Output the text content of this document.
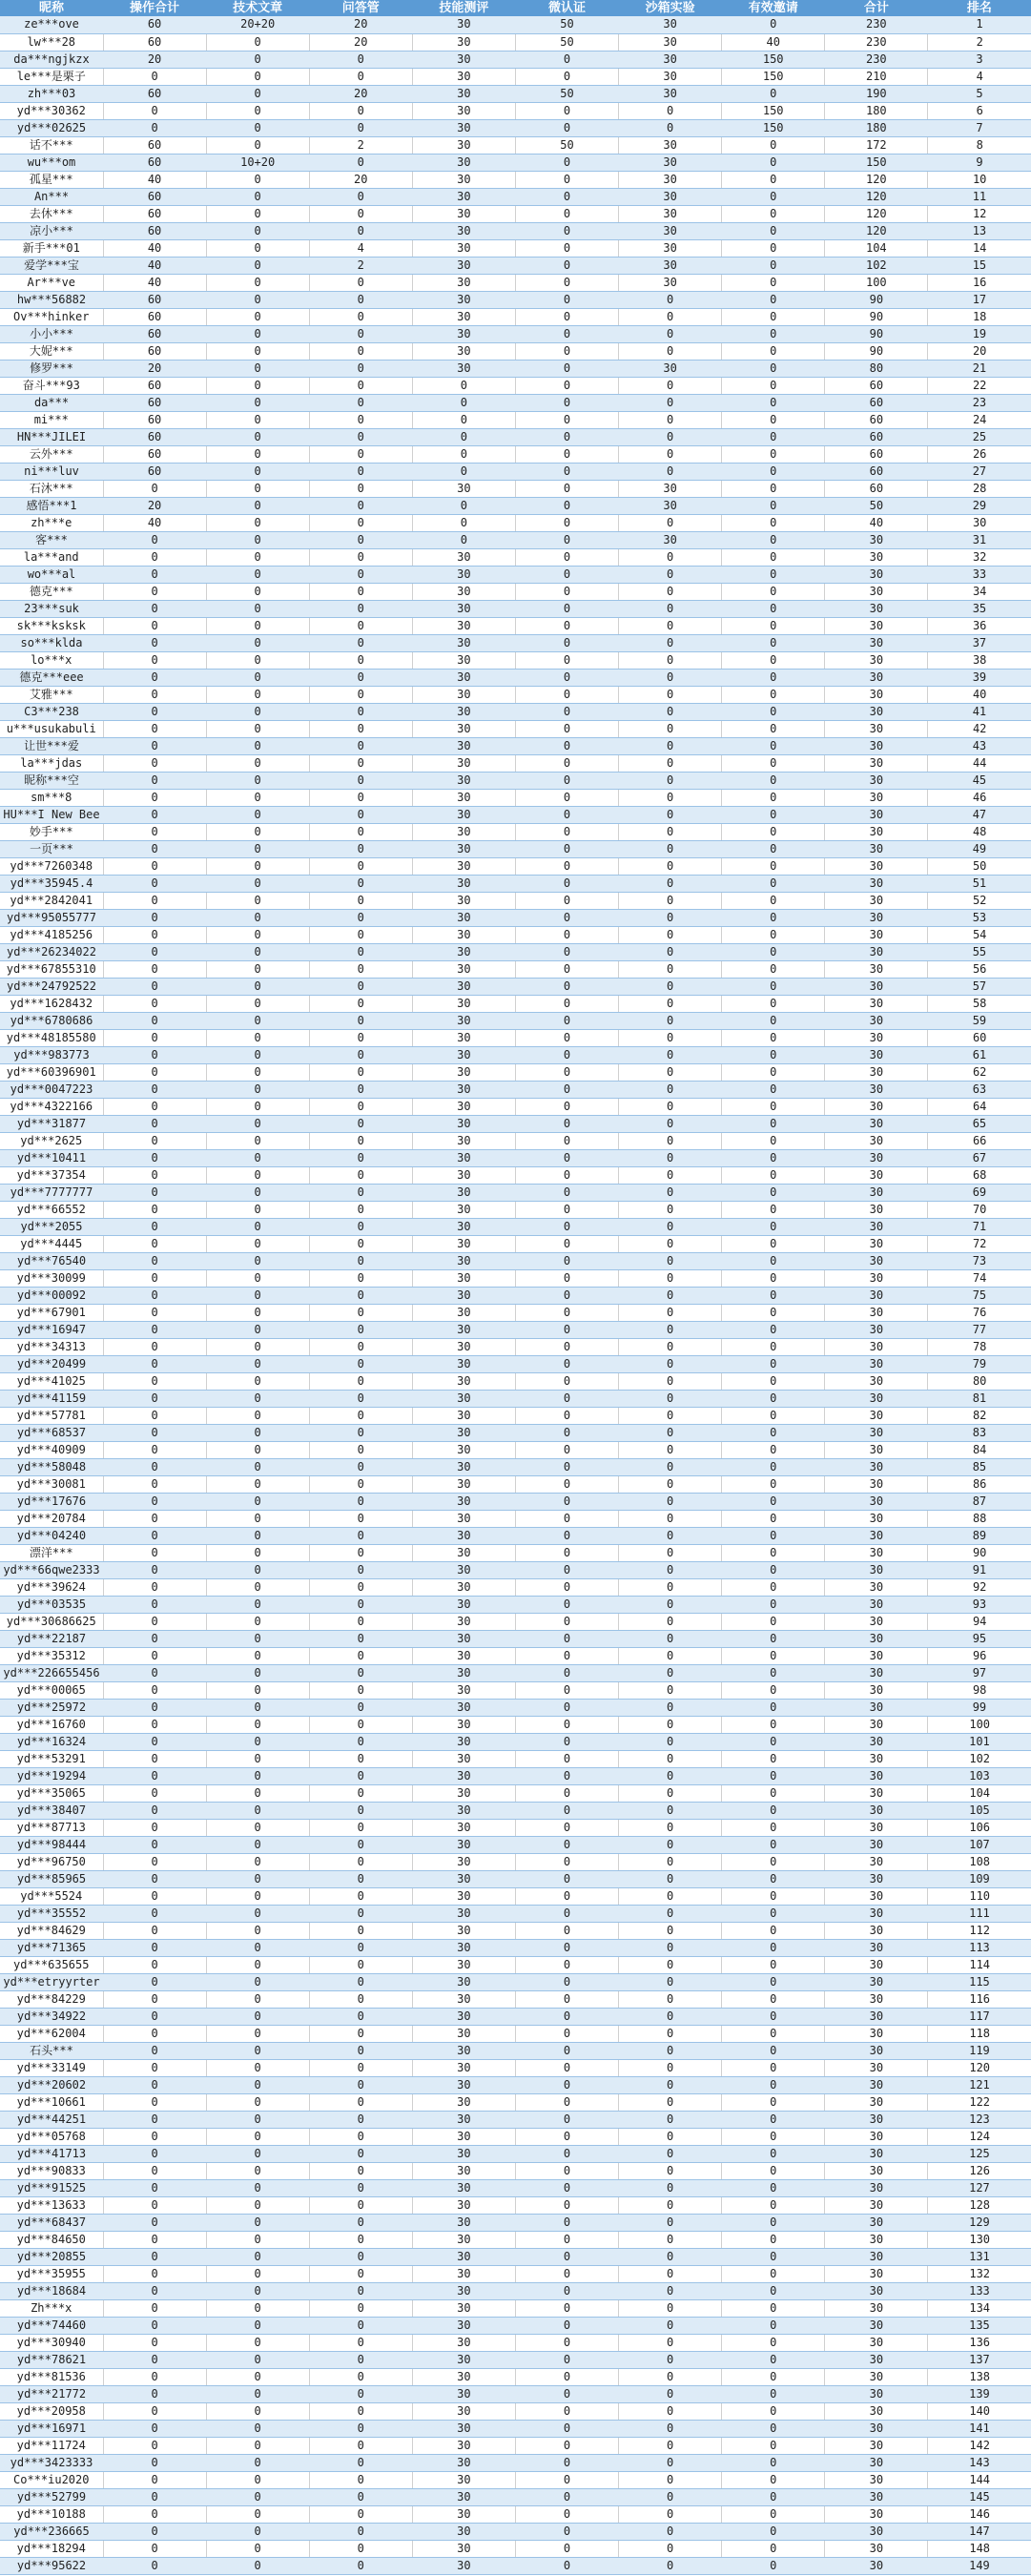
昵称	操作合计	技术文章	问答管	技能测评	微认证	沙箱实验	有效邀请	合计	排名
ze***ove	60	20+20	20	30	50	30	0	230	1
lw***28	60	0	20	30	50	30	40	230	2
da***ngjkzx	20	0	0	30	0	30	150	230	3
le***是栗子	0	0	0	30	0	30	150	210	4
zh***03	60	0	20	30	50	30	0	190	5
yd***30362	0	0	0	30	0	0	150	180	6
yd***02625	0	0	0	30	0	0	150	180	7
话不***	60	0	2	30	50	30	0	172	8
wu***om	60	10+20	0	30	0	30	0	150	9
孤星***	40	0	20	30	0	30	0	120	10
An***	60	0	0	30	0	30	0	120	11
去休***	60	0	0	30	0	30	0	120	12
凉小***	60	0	0	30	0	30	0	120	13
新手***01	40	0	4	30	0	30	0	104	14
爱学***宝	40	0	2	30	0	30	0	102	15
Ar***ve	40	0	0	30	0	30	0	100	16
hw***56882	60	0	0	30	0	0	0	90	17
Ov***hinker	60	0	0	30	0	0	0	90	18
小小***	60	0	0	30	0	0	0	90	19
大妮***	60	0	0	30	0	0	0	90	20
修罗***	20	0	0	30	0	30	0	80	21
奋斗***93	60	0	0	0	0	0	0	60	22
da***	60	0	0	0	0	0	0	60	23
mi***	60	0	0	0	0	0	0	60	24
HN***JILEI	60	0	0	0	0	0	0	60	25
云外***	60	0	0	0	0	0	0	60	26
ni***luv	60	0	0	0	0	0	0	60	27
石沐***	0	0	0	30	0	30	0	60	28
感悟***1	20	0	0	0	0	30	0	50	29
zh***e	40	0	0	0	0	0	0	40	30
客***	0	0	0	0	0	30	0	30	31
la***and	0	0	0	30	0	0	0	30	32
wo***al	0	0	0	30	0	0	0	30	33
德克***	0	0	0	30	0	0	0	30	34
23***suk	0	0	0	30	0	0	0	30	35
sk***ksksk	0	0	0	30	0	0	0	30	36
so***klda	0	0	0	30	0	0	0	30	37
lo***x	0	0	0	30	0	0	0	30	38
德克***eee	0	0	0	30	0	0	0	30	39
艾雅***	0	0	0	30	0	0	0	30	40
C3***238	0	0	0	30	0	0	0	30	41
u***usukabuli	0	0	0	30	0	0	0	30	42
让世***爱	0	0	0	30	0	0	0	30	43
la***jdas	0	0	0	30	0	0	0	30	44
昵称***空	0	0	0	30	0	0	0	30	45
sm***8	0	0	0	30	0	0	0	30	46
HU***I New Bee	0	0	0	30	0	0	0	30	47
妙手***	0	0	0	30	0	0	0	30	48
一页***	0	0	0	30	0	0	0	30	49
yd***7260348	0	0	0	30	0	0	0	30	50
yd***35945.4	0	0	0	30	0	0	0	30	51
yd***2842041	0	0	0	30	0	0	0	30	52
yd***95055777	0	0	0	30	0	0	0	30	53
yd***4185256	0	0	0	30	0	0	0	30	54
yd***26234022	0	0	0	30	0	0	0	30	55
yd***67855310	0	0	0	30	0	0	0	30	56
yd***24792522	0	0	0	30	0	0	0	30	57
yd***1628432	0	0	0	30	0	0	0	30	58
yd***6780686	0	0	0	30	0	0	0	30	59
yd***48185580	0	0	0	30	0	0	0	30	60
yd***983773	0	0	0	30	0	0	0	30	61
yd***60396901	0	0	0	30	0	0	0	30	62
yd***0047223	0	0	0	30	0	0	0	30	63
yd***4322166	0	0	0	30	0	0	0	30	64
yd***31877	0	0	0	30	0	0	0	30	65
yd***2625	0	0	0	30	0	0	0	30	66
yd***10411	0	0	0	30	0	0	0	30	67
yd***37354	0	0	0	30	0	0	0	30	68
yd***7777777	0	0	0	30	0	0	0	30	69
yd***66552	0	0	0	30	0	0	0	30	70
yd***2055	0	0	0	30	0	0	0	30	71
yd***4445	0	0	0	30	0	0	0	30	72
yd***76540	0	0	0	30	0	0	0	30	73
yd***30099	0	0	0	30	0	0	0	30	74
yd***00092	0	0	0	30	0	0	0	30	75
yd***67901	0	0	0	30	0	0	0	30	76
yd***16947	0	0	0	30	0	0	0	30	77
yd***34313	0	0	0	30	0	0	0	30	78
yd***20499	0	0	0	30	0	0	0	30	79
yd***41025	0	0	0	30	0	0	0	30	80
yd***41159	0	0	0	30	0	0	0	30	81
yd***57781	0	0	0	30	0	0	0	30	82
yd***68537	0	0	0	30	0	0	0	30	83
yd***40909	0	0	0	30	0	0	0	30	84
yd***58048	0	0	0	30	0	0	0	30	85
yd***30081	0	0	0	30	0	0	0	30	86
yd***17676	0	0	0	30	0	0	0	30	87
yd***20784	0	0	0	30	0	0	0	30	88
yd***04240	0	0	0	30	0	0	0	30	89
漂洋***	0	0	0	30	0	0	0	30	90
yd***66qwe2333	0	0	0	30	0	0	0	30	91
yd***39624	0	0	0	30	0	0	0	30	92
yd***03535	0	0	0	30	0	0	0	30	93
yd***30686625	0	0	0	30	0	0	0	30	94
yd***22187	0	0	0	30	0	0	0	30	95
yd***35312	0	0	0	30	0	0	0	30	96
yd***226655456	0	0	0	30	0	0	0	30	97
yd***00065	0	0	0	30	0	0	0	30	98
yd***25972	0	0	0	30	0	0	0	30	99
yd***16760	0	0	0	30	0	0	0	30	100
yd***16324	0	0	0	30	0	0	0	30	101
yd***53291	0	0	0	30	0	0	0	30	102
yd***19294	0	0	0	30	0	0	0	30	103
yd***35065	0	0	0	30	0	0	0	30	104
yd***38407	0	0	0	30	0	0	0	30	105
yd***87713	0	0	0	30	0	0	0	30	106
yd***98444	0	0	0	30	0	0	0	30	107
yd***96750	0	0	0	30	0	0	0	30	108
yd***85965	0	0	0	30	0	0	0	30	109
yd***5524	0	0	0	30	0	0	0	30	110
yd***35552	0	0	0	30	0	0	0	30	111
yd***84629	0	0	0	30	0	0	0	30	112
yd***71365	0	0	0	30	0	0	0	30	113
yd***635655	0	0	0	30	0	0	0	30	114
yd***etryyrter	0	0	0	30	0	0	0	30	115
yd***84229	0	0	0	30	0	0	0	30	116
yd***34922	0	0	0	30	0	0	0	30	117
yd***62004	0	0	0	30	0	0	0	30	118
石头***	0	0	0	30	0	0	0	30	119
yd***33149	0	0	0	30	0	0	0	30	120
yd***20602	0	0	0	30	0	0	0	30	121
yd***10661	0	0	0	30	0	0	0	30	122
yd***44251	0	0	0	30	0	0	0	30	123
yd***05768	0	0	0	30	0	0	0	30	124
yd***41713	0	0	0	30	0	0	0	30	125
yd***90833	0	0	0	30	0	0	0	30	126
yd***91525	0	0	0	30	0	0	0	30	127
yd***13633	0	0	0	30	0	0	0	30	128
yd***68437	0	0	0	30	0	0	0	30	129
yd***84650	0	0	0	30	0	0	0	30	130
yd***20855	0	0	0	30	0	0	0	30	131
yd***35955	0	0	0	30	0	0	0	30	132
yd***18684	0	0	0	30	0	0	0	30	133
Zh***x	0	0	0	30	0	0	0	30	134
yd***74460	0	0	0	30	0	0	0	30	135
yd***30940	0	0	0	30	0	0	0	30	136
yd***78621	0	0	0	30	0	0	0	30	137
yd***81536	0	0	0	30	0	0	0	30	138
yd***21772	0	0	0	30	0	0	0	30	139
yd***20958	0	0	0	30	0	0	0	30	140
yd***16971	0	0	0	30	0	0	0	30	141
yd***11724	0	0	0	30	0	0	0	30	142
yd***3423333	0	0	0	30	0	0	0	30	143
Co***iu2020	0	0	0	30	0	0	0	30	144
yd***52799	0	0	0	30	0	0	0	30	145
yd***10188	0	0	0	30	0	0	0	30	146
yd***236665	0	0	0	30	0	0	0	30	147
yd***18294	0	0	0	30	0	0	0	30	148
yd***95622	0	0	0	30	0	0	0	30	149
